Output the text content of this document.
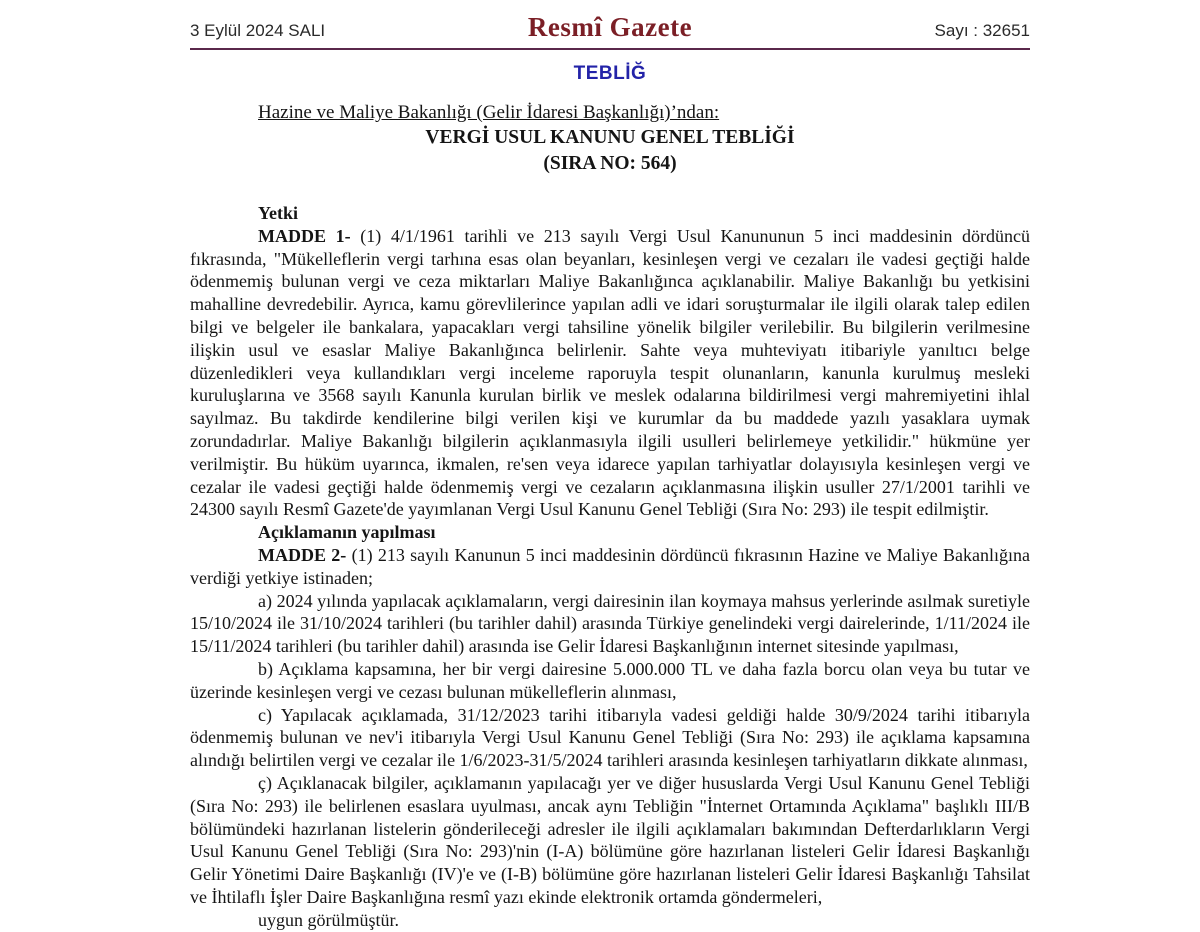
3 Eylül 2024 SALI	Resmî Gazete	Sayı : 32651
TEBLİĞ
Hazine ve Maliye Bakanlığı (Gelir İdaresi Başkanlığı)’ndan:
VERGİ USUL KANUNU GENEL TEBLİĞİ
(SIRA NO: 564)

Yetki

MADDE 1- (1) 4/1/1961 tarihli ve 213 sayılı Vergi Usul Kanununun 5 inci maddesinin dördüncü fıkrasında, "Mükelleflerin vergi tarhına esas olan beyanları, kesinleşen vergi ve cezaları ile vadesi geçtiği halde ödenmemiş bulunan vergi ve ceza miktarları Maliye Bakanlığınca açıklanabilir. Maliye Bakanlığı bu yetkisini mahalline devredebilir. Ayrıca, kamu görevlilerince yapılan adli ve idari soruşturmalar ile ilgili olarak talep edilen bilgi ve belgeler ile bankalara, yapacakları vergi tahsiline yönelik bilgiler verilebilir. Bu bilgilerin verilmesine ilişkin usul ve esaslar Maliye Bakanlığınca belirlenir. Sahte veya muhteviyatı itibariyle yanıltıcı belge düzenledikleri veya kullandıkları vergi inceleme raporuyla tespit olunanların, kanunla kurulmuş mesleki kuruluşlarına ve 3568 sayılı Kanunla kurulan birlik ve meslek odalarına bildirilmesi vergi mahremiyetini ihlal sayılmaz. Bu takdirde kendilerine bilgi verilen kişi ve kurumlar da bu maddede yazılı yasaklara uymak zorundadırlar. Maliye Bakanlığı bilgilerin açıklanmasıyla ilgili usulleri belirlemeye yetkilidir." hükmüne yer verilmiştir. Bu hüküm uyarınca, ikmalen, re'sen veya idarece yapılan tarhiyatlar dolayısıyla kesinleşen vergi ve cezalar ile vadesi geçtiği halde ödenmemiş vergi ve cezaların açıklanmasına ilişkin usuller 27/1/2001 tarihli ve 24300 sayılı Resmî Gazete'de yayımlanan Vergi Usul Kanunu Genel Tebliği (Sıra No: 293) ile tespit edilmiştir.

Açıklamanın yapılması

MADDE 2- (1) 213 sayılı Kanunun 5 inci maddesinin dördüncü fıkrasının Hazine ve Maliye Bakanlığına verdiği yetkiye istinaden;

a) 2024 yılında yapılacak açıklamaların, vergi dairesinin ilan koymaya mahsus yerlerinde asılmak suretiyle 15/10/2024 ile 31/10/2024 tarihleri (bu tarihler dahil) arasında Türkiye genelindeki vergi dairelerinde, 1/11/2024 ile 15/11/2024 tarihleri (bu tarihler dahil) arasında ise Gelir İdaresi Başkanlığının internet sitesinde yapılması,

b) Açıklama kapsamına, her bir vergi dairesine 5.000.000 TL ve daha fazla borcu olan veya bu tutar ve üzerinde kesinleşen vergi ve cezası bulunan mükelleflerin alınması,

c) Yapılacak açıklamada, 31/12/2023 tarihi itibarıyla vadesi geldiği halde 30/9/2024 tarihi itibarıyla ödenmemiş bulunan ve nev'i itibarıyla Vergi Usul Kanunu Genel Tebliği (Sıra No: 293) ile açıklama kapsamına alındığı belirtilen vergi ve cezalar ile 1/6/2023-31/5/2024 tarihleri arasında kesinleşen tarhiyatların dikkate alınması,

ç) Açıklanacak bilgiler, açıklamanın yapılacağı yer ve diğer hususlarda Vergi Usul Kanunu Genel Tebliği (Sıra No: 293) ile belirlenen esaslara uyulması, ancak aynı Tebliğin "İnternet Ortamında Açıklama" başlıklı III/B bölümündeki hazırlanan listelerin gönderileceği adresler ile ilgili açıklamaları bakımından Defterdarlıkların Vergi Usul Kanunu Genel Tebliği (Sıra No: 293)'nin (I-A) bölümüne göre hazırlanan listeleri Gelir İdaresi Başkanlığı Gelir Yönetimi Daire Başkanlığı (IV)'e ve (I-B) bölümüne göre hazırlanan listeleri Gelir İdaresi Başkanlığı Tahsilat ve İhtilaflı İşler Daire Başkanlığına resmî yazı ekinde elektronik ortamda göndermeleri,

uygun görülmüştür.
